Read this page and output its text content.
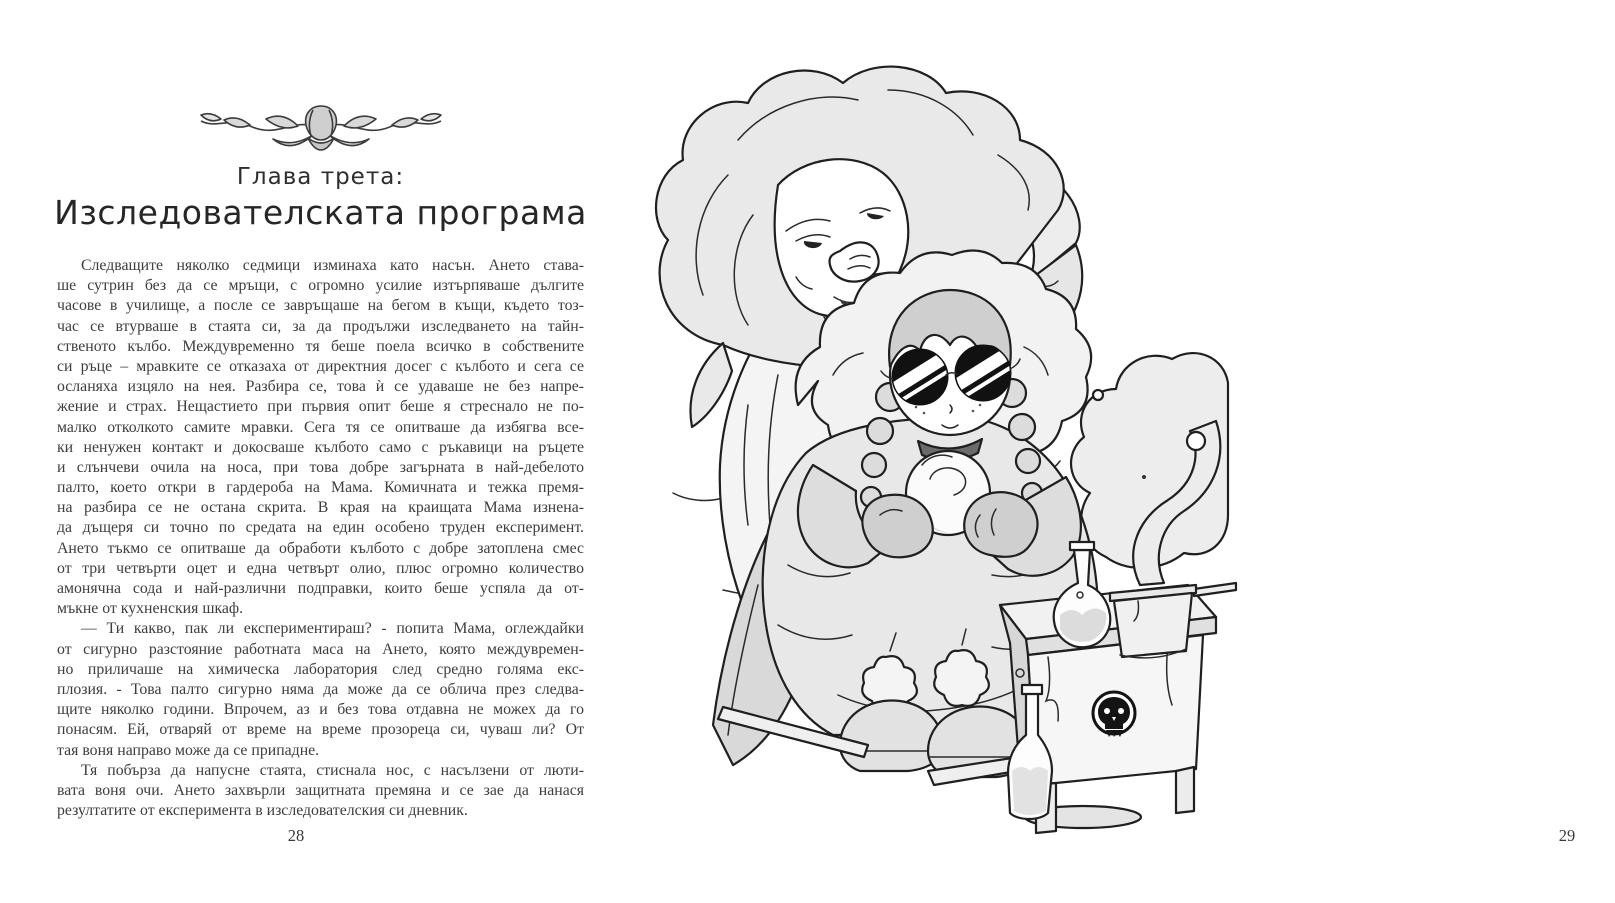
Глава трета:
Изследователската програма
Следващите няколко седмици изминаха като насън. Ането става-
ше сутрин без да се мръщи, с огромно усилие изтърпяваше дългите
часове в училище, а после се завръщаше на бегом в къщи, където тоз-
час се втурваше в стаята си, за да продължи изследването на тайн-
ственото кълбо. Междувременно тя беше поела всичко в собствените
си ръце – мравките се отказаха от директния досег с кълбото и сега се
осланяха изцяло на нея. Разбира се, това ѝ се удаваше не без напре-
жение и страх. Нещастието при първия опит беше я стреснало не по-
малко отколкото самите мравки. Сега тя се опитваше да избягва все-
ки ненужен контакт и докосваше кълбото само с ръкавици на ръцете
и слънчеви очила на носа, при това добре загърната в най-дебелото
палто, което откри в гардероба на Мама. Комичната и тежка премя-
на разбира се не остана скрита. В края на краищата Мама изнена-
да дъщеря си точно по средата на един особено труден експеримент.
Ането тъкмо се опитваше да обработи кълбото с добре затоплена смес
от три четвърти оцет и една четвърт олио, плюс огромно количество
амонячна сода и най-различни подправки, които беше успяла да от-
мъкне от кухненския шкаф.
— Ти какво, пак ли експериментираш? - попита Мама, оглеждайки
от сигурно разстояние работната маса на Ането, която междувремен-
но приличаше на химическа лаборатория след средно голяма екс-
плозия. - Това палто сигурно няма да може да се облича през следва-
щите няколко години. Впрочем, аз и без това отдавна не можех да го
понасям. Ей, отваряй от време на време прозореца си, чуваш ли? От
тая воня направо може да се припадне.
Тя побърза да напусне стаята, стиснала нос, с насълзени от люти-
вата воня очи. Ането захвърли защитната премяна и се зае да нанася
резултатите от експеримента в изследователския си дневник.
28	29
